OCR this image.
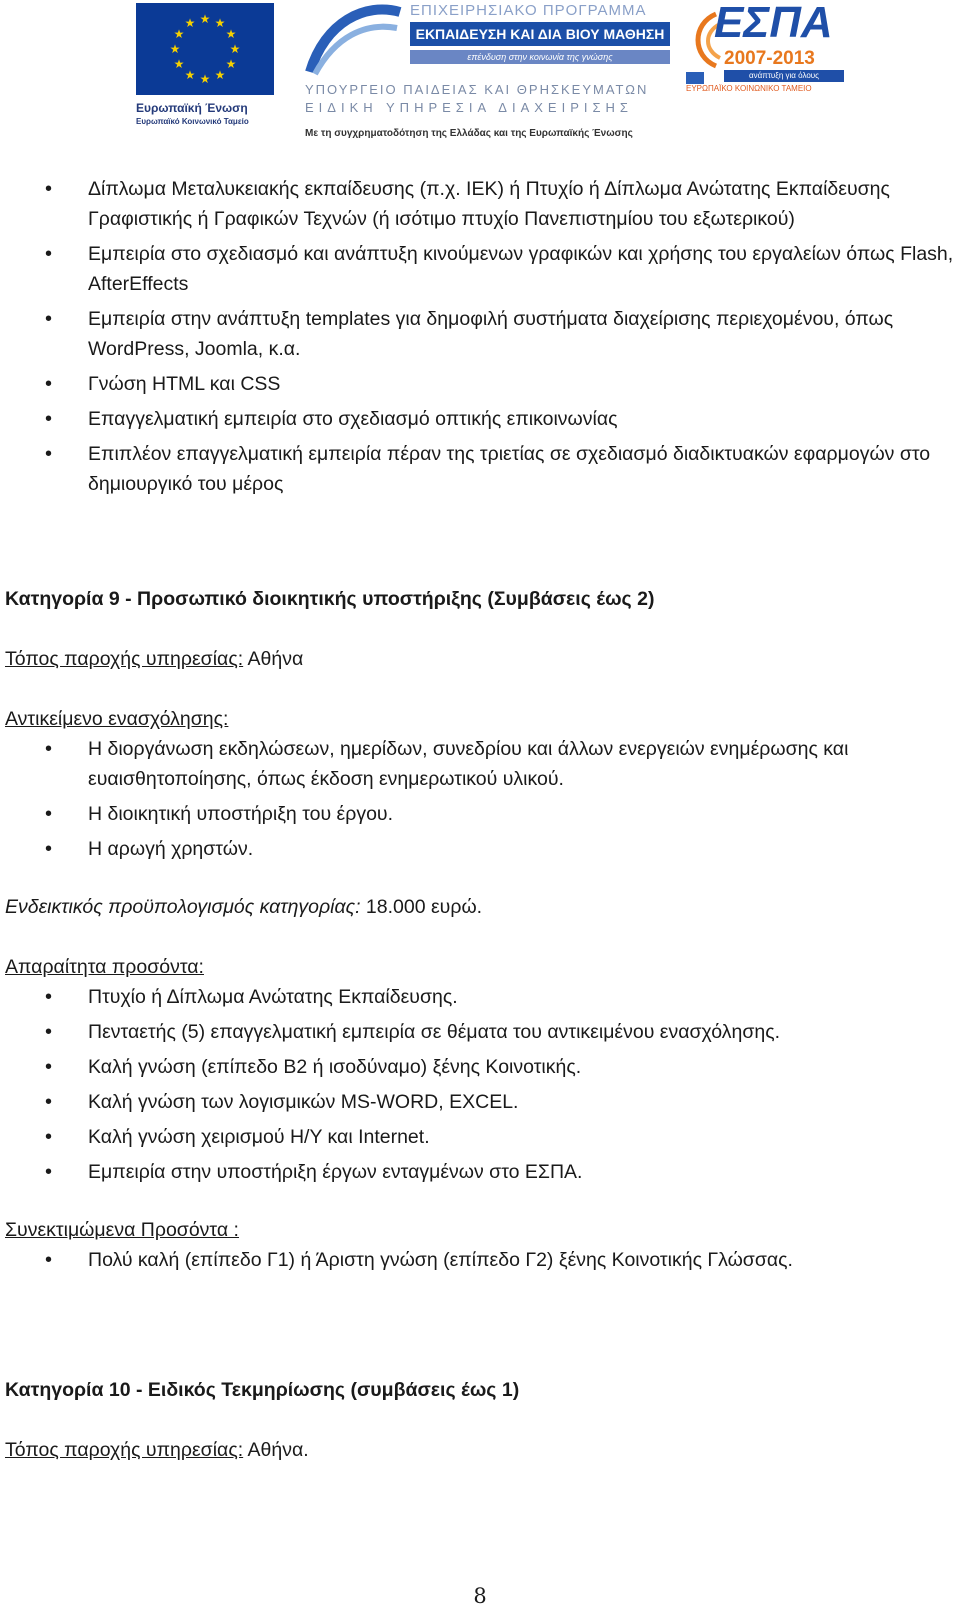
★ ★
★
★
★
★
★
★
★
★
★
★
Ευρωπαϊκή Ένωση
Ευρωπαϊκό Κοινωνικό Ταμείο
ΕΠΙΧΕΙΡΗΣΙΑΚΟ ΠΡΟΓΡΑΜΜΑ
ΕΚΠΑΙΔΕΥΣΗ ΚΑΙ ΔΙΑ ΒΙΟΥ ΜΑΘΗΣΗ
επένδυση στην κοινωνία της γνώσης
ΥΠΟΥΡΓΕΙΟ ΠΑΙΔΕΙΑΣ ΚΑΙ ΘΡΗΣΚΕΥΜΑΤΩΝ
ΕΙΔΙΚΗ ΥΠΗΡΕΣΙΑ ΔΙΑΧΕΙΡΙΣΗΣ
ΕΣΠΑ
2007-2013
ανάπτυξη για όλους
ΕΥΡΩΠΑΪΚΟ ΚΟΙΝΩΝΙΚΟ ΤΑΜΕΙΟ
Με τη συγχρηματοδότηση της Ελλάδας και της Ευρωπαϊκής Ένωσης
• Δίπλωμα Μεταλυκειακής εκπαίδευσης (π.χ. ΙΕΚ) ή Πτυχίο ή Δίπλωμα Ανώτατης Εκπαίδευσης Γραφιστικής ή Γραφικών Τεχνών (ή ισότιμο πτυχίο Πανεπιστημίου του εξωτερικού)
• Εμπειρία στο σχεδιασμό και ανάπτυξη κινούμενων γραφικών και χρήσης του εργαλείων όπως Flash, AfterEffects
• Εμπειρία στην ανάπτυξη templates για δημοφιλή συστήματα διαχείρισης περιεχομένου, όπως WordPress, Joomla, κ.α.
• Γνώση HTML και CSS
• Επαγγελματική εμπειρία στο σχεδιασμό οπτικής επικοινωνίας
• Επιπλέον επαγγελματική εμπειρία πέραν της τριετίας σε σχεδιασμό διαδικτυακών εφαρμογών στο δημιουργικό του μέρος
Κατηγορία 9 - Προσωπικό διοικητικής υποστήριξης (Συμβάσεις έως 2)
Τόπος παροχής υπηρεσίας: Αθήνα
Αντικείμενο ενασχόλησης:
• Η διοργάνωση εκδηλώσεων, ημερίδων, συνεδρίου και άλλων ενεργειών ενημέρωσης και ευαισθητοποίησης, όπως έκδοση ενημερωτικού υλικού.
• Η διοικητική υποστήριξη του έργου.
• Η αρωγή χρηστών.
Ενδεικτικός προϋπολογισμός κατηγορίας: 18.000 ευρώ.
Απαραίτητα προσόντα:
• Πτυχίο ή Δίπλωμα Ανώτατης Εκπαίδευσης.
• Πενταετής (5) επαγγελματική εμπειρία σε θέματα του αντικειμένου ενασχόλησης.
• Καλή γνώση (επίπεδο Β2 ή ισοδύναμο) ξένης Κοινοτικής.
• Καλή γνώση των λογισμικών MS-WORD, EXCEL.
• Καλή γνώση χειρισμού Η/Υ και Internet.
• Εμπειρία στην υποστήριξη έργων ενταγμένων στο ΕΣΠΑ.
Συνεκτιμώμενα Προσόντα :
• Πολύ καλή (επίπεδο Γ1) ή Άριστη γνώση (επίπεδο Γ2) ξένης Κοινοτικής Γλώσσας.
Κατηγορία 10 - Ειδικός Τεκμηρίωσης (συμβάσεις έως 1)
Τόπος παροχής υπηρεσίας: Αθήνα.
8
